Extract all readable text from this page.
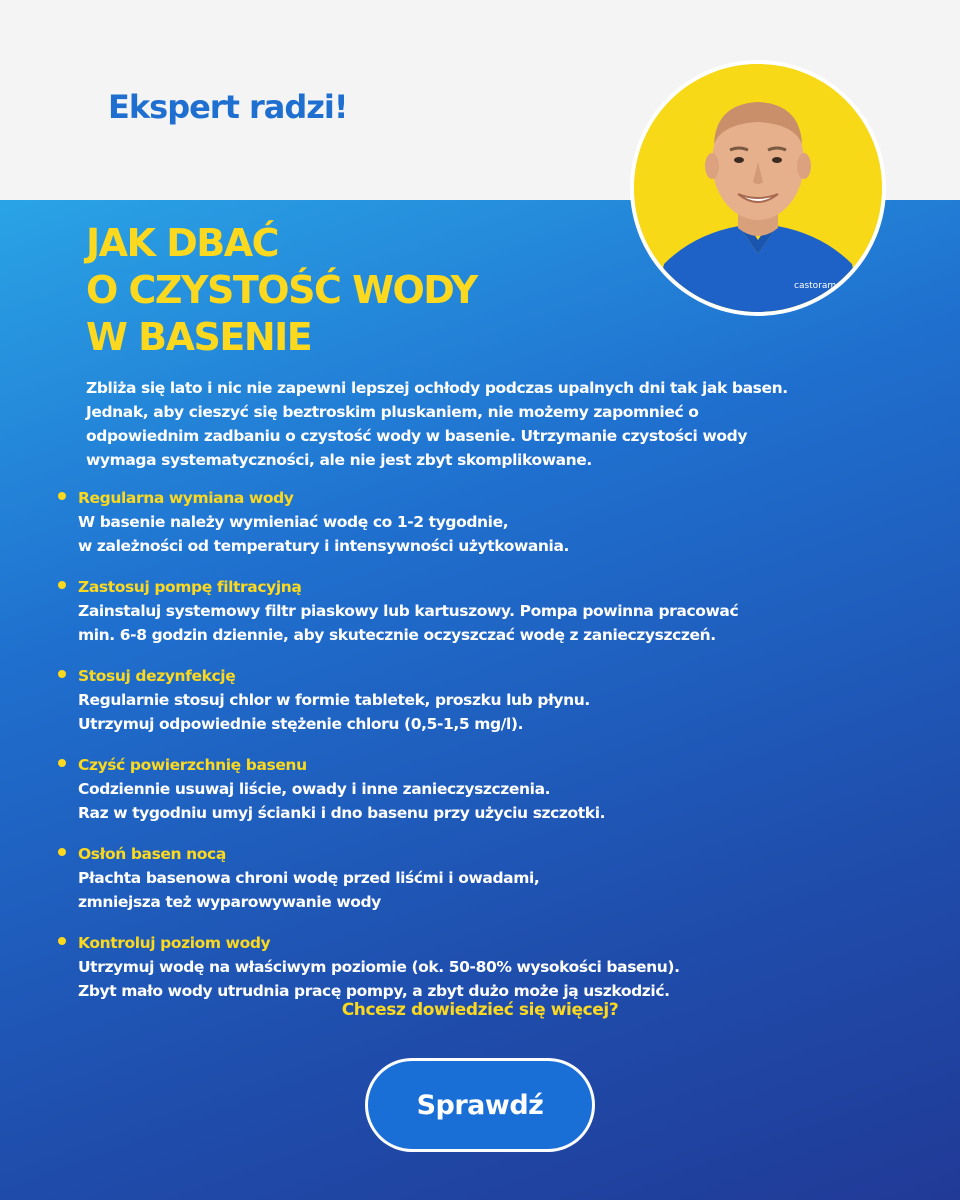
Ekspert radzi!
castorama
JAK DBAĆ
O CZYSTOŚĆ WODY
W BASENIE

Zbliża się lato i nic nie zapewni lepszej ochłody podczas upalnych dni tak jak basen.
Jednak, aby cieszyć się beztroskim pluskaniem, nie możemy zapomnieć o
odpowiednim zadbaniu o czystość wody w basenie. Utrzymanie czystości wody
wymaga systematyczności, ale nie jest zbyt skomplikowane.

Regularna wymiana wody
W basenie należy wymieniać wodę co 1-2 tygodnie,
w zależności od temperatury i intensywności użytkowania.
Zastosuj pompę filtracyjną
Zainstaluj systemowy filtr piaskowy lub kartuszowy. Pompa powinna pracować
min. 6-8 godzin dziennie, aby skutecznie oczyszczać wodę z zanieczyszczeń.
Stosuj dezynfekcję
Regularnie stosuj chlor w formie tabletek, proszku lub płynu.
Utrzymuj odpowiednie stężenie chloru (0,5-1,5 mg/l).
Czyść powierzchnię basenu
Codziennie usuwaj liście, owady i inne zanieczyszczenia.
Raz w tygodniu umyj ścianki i dno basenu przy użyciu szczotki.
Osłoń basen nocą
Płachta basenowa chroni wodę przed liśćmi i owadami,
zmniejsza też wyparowywanie wody
Kontroluj poziom wody
Utrzymuj wodę na właściwym poziomie (ok. 50-80% wysokości basenu).
Zbyt mało wody utrudnia pracę pompy, a zbyt dużo może ją uszkodzić.

Chcesz dowiedzieć się więcej?

Sprawdź
